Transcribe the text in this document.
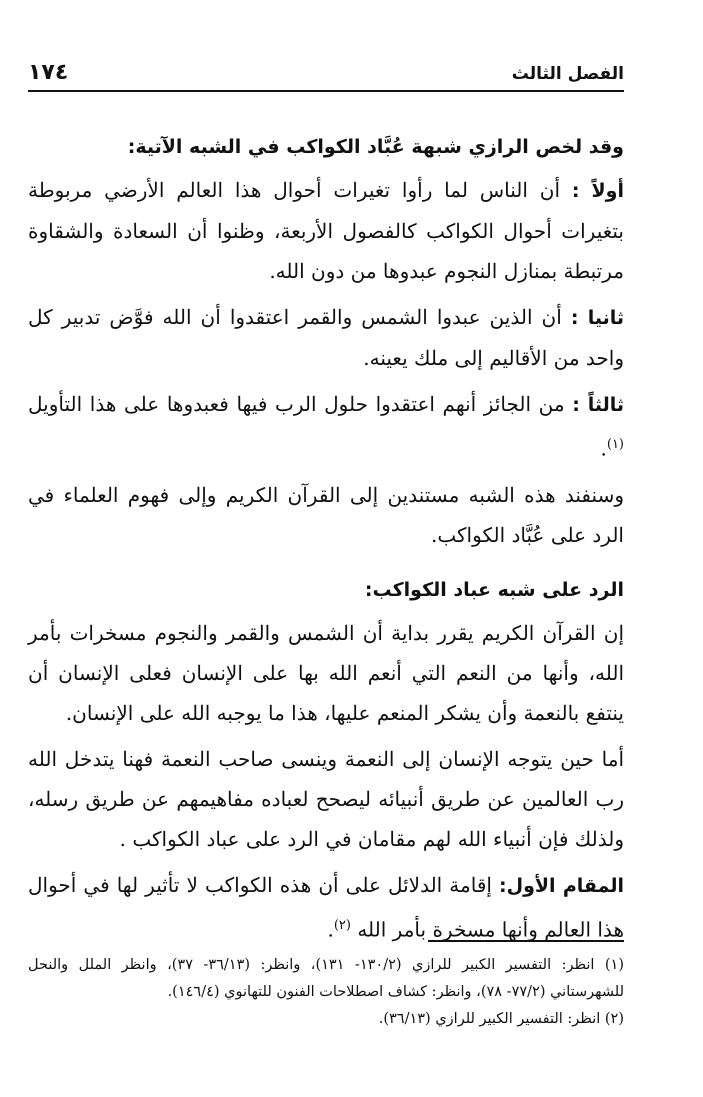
١٧٤	الفصل الثالث
وقد لخص الرازي شبهة عُبَّاد الكواكب في الشبه الآتية:

أولاً : أن الناس لما رأوا تغيرات أحوال هذا العالم الأرضي مربوطة بتغيرات أحوال الكواكب كالفصول الأربعة، وظنوا أن السعادة والشقاوة مرتبطة بمنازل النجوم عبدوها من دون الله.

ثانيا : أن الذين عبدوا الشمس والقمر اعتقدوا أن الله فوَّض تدبير كل واحد من الأقاليم إلى ملك يعينه.

ثالثاً : من الجائز أنهم اعتقدوا حلول الرب فيها فعبدوها على هذا التأويل $^{(١)}$.

وسنفند هذه الشبه مستندين إلى القرآن الكريم وإلى فهوم العلماء في الرد على عُبَّاد الكواكب.

الرد على شبه عباد الكواكب:

إن القرآن الكريم يقرر بداية أن الشمس والقمر والنجوم مسخرات بأمر الله، وأنها من النعم التي أنعم الله بها على الإنسان فعلى الإنسان أن ينتفع بالنعمة وأن يشكر المنعم عليها، هذا ما يوجبه الله على الإنسان.

أما حين يتوجه الإنسان إلى النعمة وينسى صاحب النعمة فهنا يتدخل الله رب العالمين عن طريق أنبيائه ليصحح لعباده مفاهيمهم عن طريق رسله، ولذلك فإن أنبياء الله لهم مقامان في الرد على عباد الكواكب .

المقام الأول: إقامة الدلائل على أن هذه الكواكب لا تأثير لها في أحوال هذا العالم وأنها مسخرة بأمر الله $^{(٢)}$.

(١) انظر: التفسير الكبير للرازي (١٣٠/٢- ١٣١)، وانظر: (٣٦/١٣- ٣٧)، وانظر الملل والنحل للشهرستاني (٧٧/٢- ٧٨)، وانظر: كشاف اصطلاحات الفنون للتهانوي (١٤٦/٤).

(٢) انظر: التفسير الكبير للرازي (٣٦/١٣).
